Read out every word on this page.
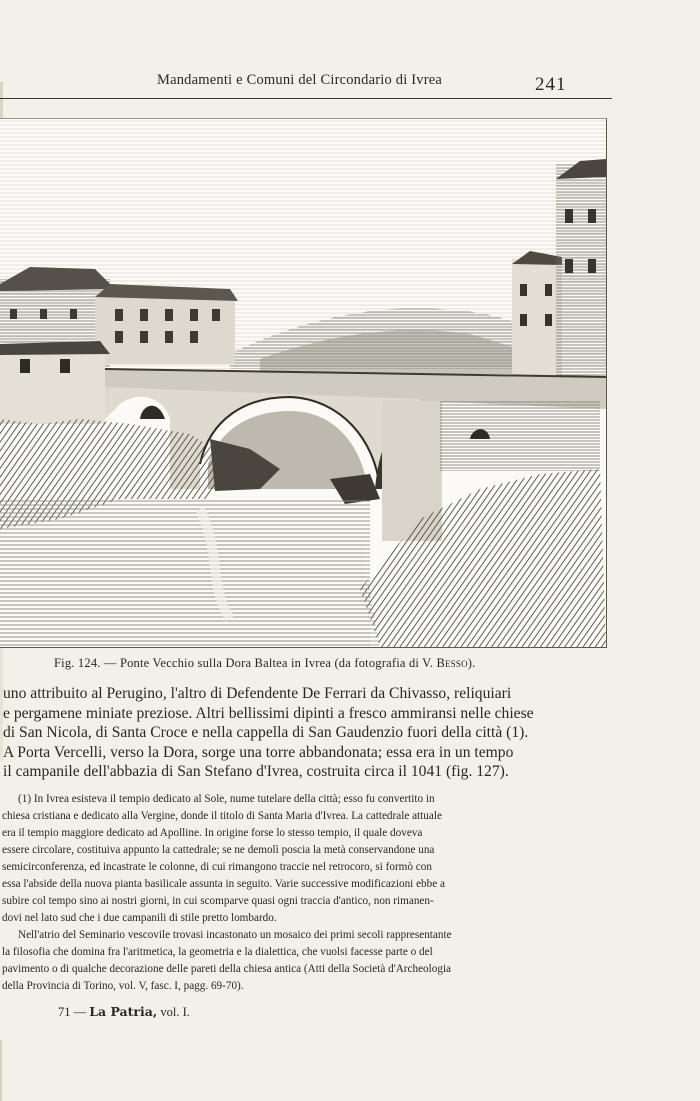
Mandamenti e Comuni del Circondario di Ivrea	241
Fig. 124. — Ponte Vecchio sulla Dora Baltea in Ivrea (da fotografia di V. Besso).
uno attribuito al Perugino, l'altro di Defendente De Ferrari da Chivasso, reliquiari
e pergamene miniate preziose. Altri bellissimi dipinti a fresco ammiransi nelle chiese
di San Nicola, di Santa Croce e nella cappella di San Gaudenzio fuori della città (1).
A Porta Vercelli, verso la Dora, sorge una torre abbandonata; essa era in un tempo
il campanile dell'abbazia di San Stefano d'Ivrea, costruita circa il 1041 (fig. 127).
(1) In Ivrea esisteva il tempio dedicato al Sole, nume tutelare della città; esso fu convertito in
chiesa cristiana e dedicato alla Vergine, donde il titolo di Santa Maria d'Ivrea. La cattedrale attuale
era il tempio maggiore dedicato ad Apolline. In origine forse lo stesso tempio, il quale doveva
essere circolare, costituiva appunto la cattedrale; se ne demolì poscia la metà conservandone una
semicirconferenza, ed incastrate le colonne, di cui rimangono traccie nel retrocoro, si formò con
essa l'abside della nuova pianta basilicale assunta in seguito. Varie successive modificazioni ebbe a
subire col tempo sino ai nostri giorni, in cui scomparve quasi ogni traccia d'antico, non rimanen-
dovi nel lato sud che i due campanili di stile pretto lombardo.
Nell'atrio del Seminario vescovile trovasi incastonato un mosaico dei primi secoli rappresentante
la filosofia che domina fra l'aritmetica, la geometria e la dialettica, che vuolsi facesse parte o del
pavimento o di qualche decorazione delle pareti della chiesa antica (Atti della Società d'Archeologia
della Provincia di Torino, vol. V, fasc. I, pagg. 69-70).
71 — La Patria, vol. I.
